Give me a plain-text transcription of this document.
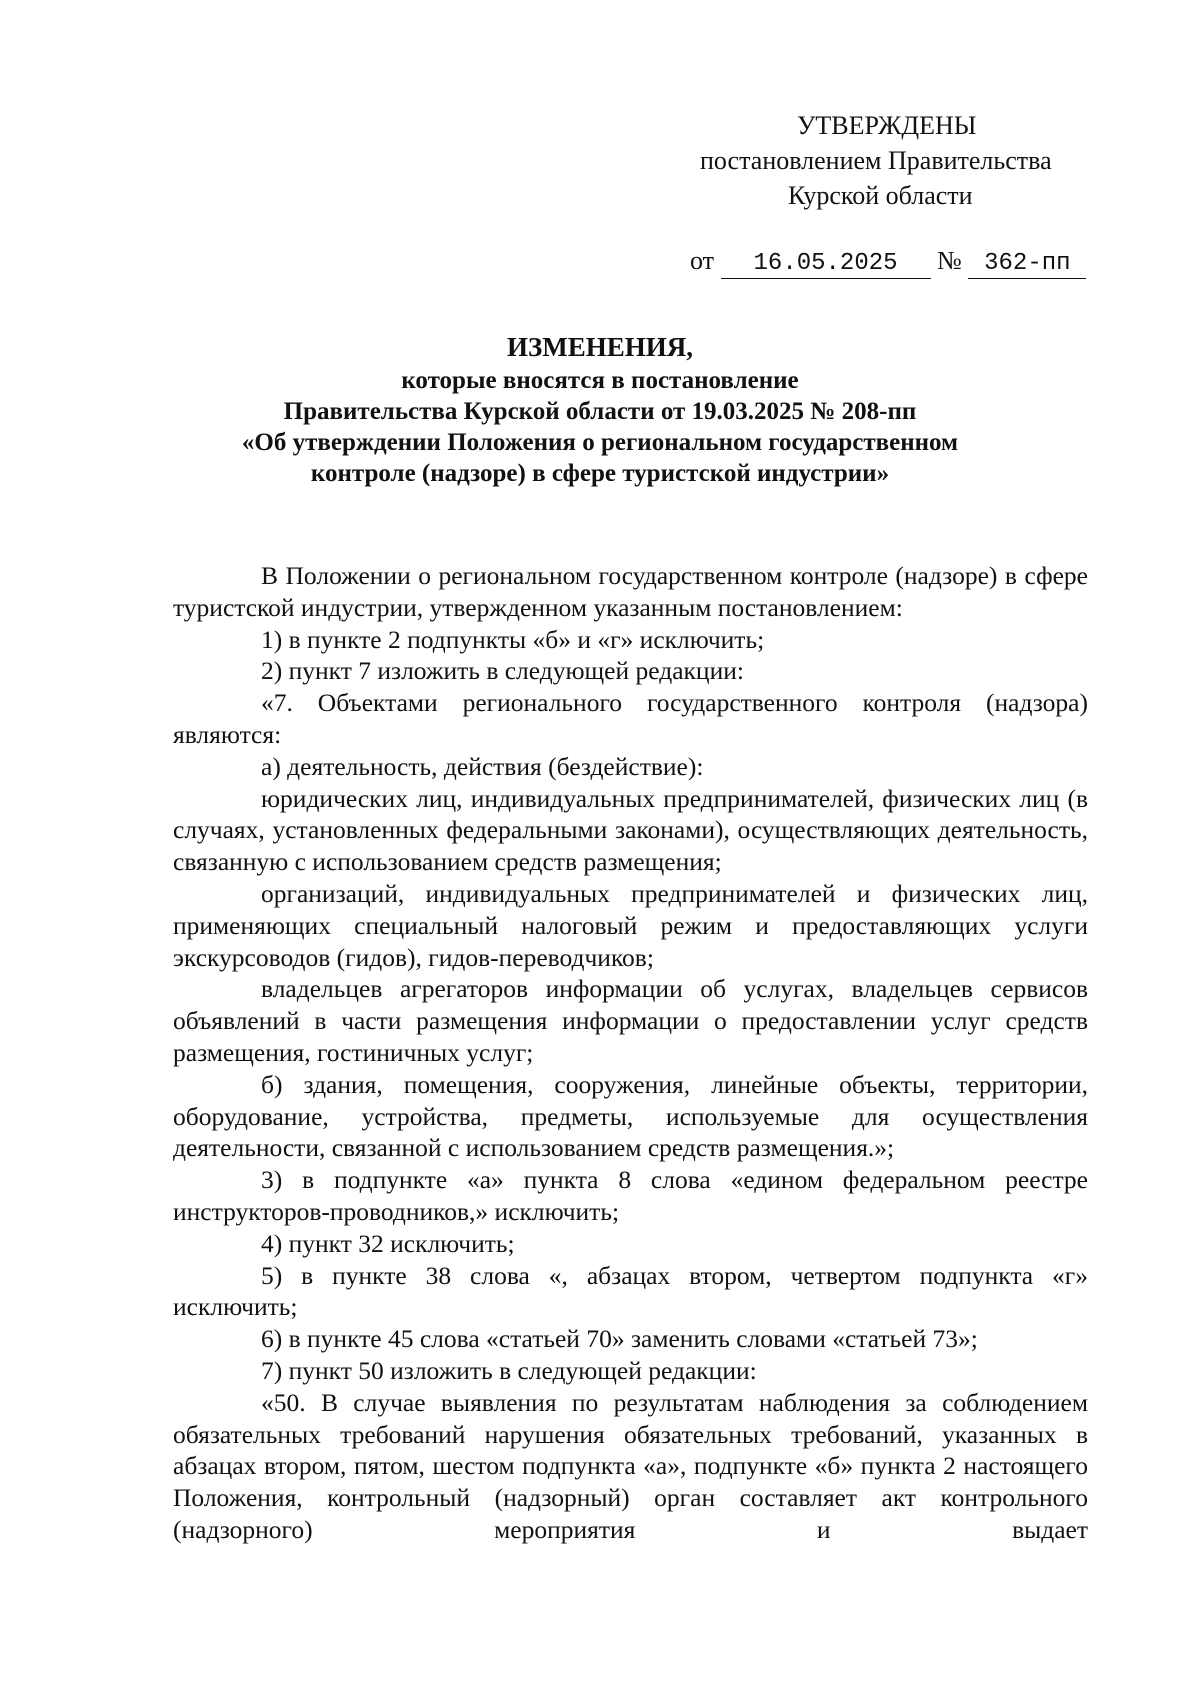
УТВЕРЖДЕНЫ
постановлением Правительства
Курской области
от 16.05.2025 № 362-пп
ИЗМЕНЕНИЯ,
которые вносятся в постановление
Правительства Курской области от 19.03.2025 № 208-пп
«Об утверждении Положения о региональном государственном
контроле (надзоре) в сфере туристской индустрии»

В Положении о региональном государственном контроле (надзоре) в сфере туристской индустрии, утвержденном указанным постановлением:

1) в пункте 2 подпункты «б» и «г» исключить;

2) пункт 7 изложить в следующей редакции:

«7. Объектами регионального государственного контроля (надзора) являются:

а) деятельность, действия (бездействие):

юридических лиц, индивидуальных предпринимателей, физических лиц (в случаях, установленных федеральными законами), осуществляющих деятельность, связанную с использованием средств размещения;

организаций, индивидуальных предпринимателей и физических лиц, применяющих специальный налоговый режим и предоставляющих услуги экскурсоводов (гидов), гидов-переводчиков;

владельцев агрегаторов информации об услугах, владельцев сервисов объявлений в части размещения информации о предоставлении услуг средств размещения, гостиничных услуг;

б) здания, помещения, сооружения, линейные объекты, территории, оборудование, устройства, предметы, используемые для осуществления деятельности, связанной с использованием средств размещения.»;

3) в подпункте «а» пункта 8 слова «едином федеральном реестре инструкторов-проводников,» исключить;

4) пункт 32 исключить;

5) в пункте 38 слова «, абзацах втором, четвертом подпункта «г» исключить;

6) в пункте 45 слова «статьей 70» заменить словами «статьей 73»;

7) пункт 50 изложить в следующей редакции:

«50. В случае выявления по результатам наблюдения за соблюдением обязательных требований нарушения обязательных требований, указанных в абзацах втором, пятом, шестом подпункта «а», подпункте «б» пункта 2 настоящего Положения, контрольный (надзорный) орган составляет акт контрольного (надзорного) мероприятия и выдает
